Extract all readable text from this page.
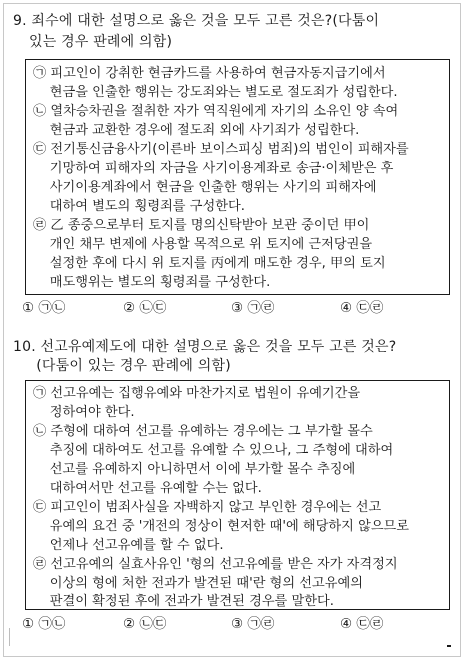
9. 죄수에 대한 설명으로 옳은 것을 모두 고른 것은?(다툼이

있는 경우 판례에 의함)

㉠ 피고인이 강취한 현금카드를 사용하여 현금자동지급기에서

현금을 인출한 행위는 강도죄와는 별도로 절도죄가 성립한다.

㉡ 열차승차권을 절취한 자가 역직원에게 자기의 소유인 양 속여

현금과 교환한 경우에 절도죄 외에 사기죄가 성립한다.

㉢ 전기통신금융사기(이른바 보이스피싱 범죄)의 범인이 피해자를

기망하여 피해자의 자금을 사기이용계좌로 송금·이체받은 후

사기이용계좌에서 현금을 인출한 행위는 사기의 피해자에

대하여 별도의 횡령죄를 구성한다.

㉣ 乙 종중으로부터 토지를 명의신탁받아 보관 중이던 甲이

개인 채무 변제에 사용할 목적으로 위 토지에 근저당권을

설정한 후에 다시 위 토지를 丙에게 매도한 경우, 甲의 토지

매도행위는 별도의 횡령죄를 구성한다.

① ㉠㉡	② ㉡㉢	③ ㉠㉣	④ ㉢㉣

10. 선고유예제도에 대한 설명으로 옳은 것을 모두 고른 것은?

(다툼이 있는 경우 판례에 의함)

㉠ 선고유예는 집행유예와 마찬가지로 법원이 유예기간을

정하여야 한다.

㉡ 주형에 대하여 선고를 유예하는 경우에는 그 부가할 몰수

추징에 대하여도 선고를 유예할 수 있으나, 그 주형에 대하여

선고를 유예하지 아니하면서 이에 부가할 몰수 추징에

대하여서만 선고를 유예할 수는 없다.

㉢ 피고인이 범죄사실을 자백하지 않고 부인한 경우에는 선고

유예의 요건 중 '개전의 정상이 현저한 때'에 해당하지 않으므로

언제나 선고유예를 할 수 없다.

㉣ 선고유예의 실효사유인 '형의 선고유예를 받은 자가 자격정지

이상의 형에 처한 전과가 발견된 때'란 형의 선고유예의

판결이 확정된 후에 전과가 발견된 경우를 말한다.

① ㉠㉡	② ㉡㉢	③ ㉠㉣	④ ㉢㉣
